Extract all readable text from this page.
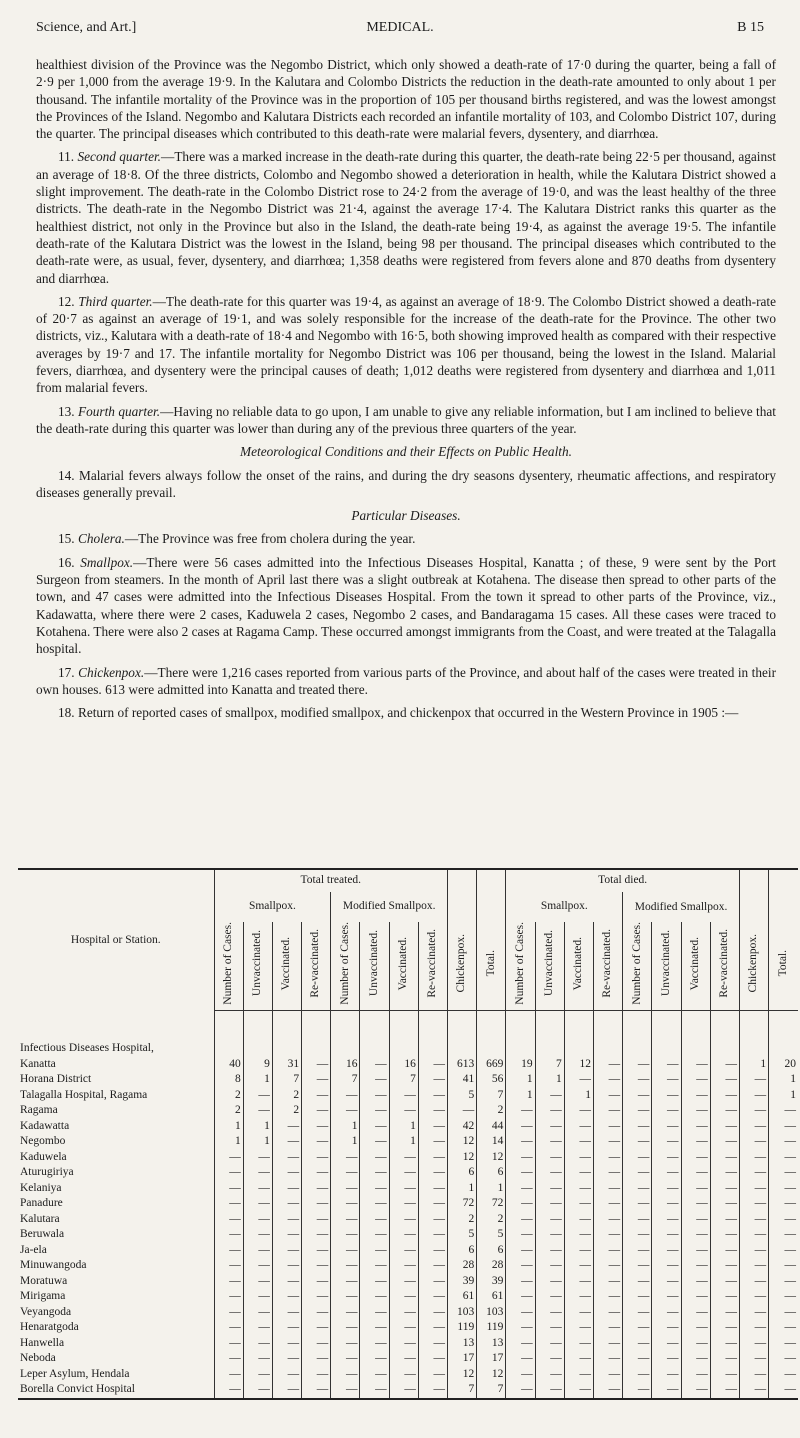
Science, and Art.]	MEDICAL.	B 15

healthiest division of the Province was the Negombo District, which only showed a death-rate of 17·0 during the quarter, being a fall of 2·9 per 1,000 from the average 19·9. In the Kalutara and Colombo Districts the reduction in the death-rate amounted to only about 1 per thousand. The infantile mortality of the Province was in the proportion of 105 per thousand births registered, and was the lowest amongst the Provinces of the Island. Negombo and Kalutara Districts each recorded an infantile mortality of 103, and Colombo District 107, during the quarter. The principal diseases which contributed to this death-rate were malarial fevers, dysentery, and diarrhœa.

11. Second quarter.—There was a marked increase in the death-rate during this quarter, the death-rate being 22·5 per thousand, against an average of 18·8. Of the three districts, Colombo and Negombo showed a deterioration in health, while the Kalutara District showed a slight improvement. The death-rate in the Colombo District rose to 24·2 from the average of 19·0, and was the least healthy of the three districts. The death-rate in the Negombo District was 21·4, against the average 17·4. The Kalutara District ranks this quarter as the healthiest district, not only in the Province but also in the Island, the death-rate being 19·4, as against the average 19·5. The infantile death-rate of the Kalutara District was the lowest in the Island, being 98 per thousand. The principal diseases which contributed to the death-rate were, as usual, fever, dysentery, and diarrhœa; 1,358 deaths were registered from fevers alone and 870 deaths from dysentery and diarrhœa.

12. Third quarter.—The death-rate for this quarter was 19·4, as against an average of 18·9. The Colombo District showed a death-rate of 20·7 as against an average of 19·1, and was solely responsible for the increase of the death-rate for the Province. The other two districts, viz., Kalutara with a death-rate of 18·4 and Negombo with 16·5, both showing improved health as compared with their respective averages by 19·7 and 17. The infantile mortality for Negombo District was 106 per thousand, being the lowest in the Island. Malarial fevers, diarrhœa, and dysentery were the principal causes of death; 1,012 deaths were registered from dysentery and diarrhœa and 1,011 from malarial fevers.

13. Fourth quarter.—Having no reliable data to go upon, I am unable to give any reliable information, but I am inclined to believe that the death-rate during this quarter was lower than during any of the previous three quarters of the year.

Meteorological Conditions and their Effects on Public Health.

14. Malarial fevers always follow the onset of the rains, and during the dry seasons dysentery, rheumatic affections, and respiratory diseases generally prevail.

Particular Diseases.

15. Cholera.—The Province was free from cholera during the year.

16. Smallpox.—There were 56 cases admitted into the Infectious Diseases Hospital, Kanatta ; of these, 9 were sent by the Port Surgeon from steamers. In the month of April last there was a slight outbreak at Kotahena. The disease then spread to other parts of the town, and 47 cases were admitted into the Infectious Diseases Hospital. From the town it spread to other parts of the Province, viz., Kadawatta, where there were 2 cases, Kaduwela 2 cases, Negombo 2 cases, and Bandaragama 15 cases. All these cases were traced to Kotahena. There were also 2 cases at Ragama Camp. These occurred amongst immigrants from the Coast, and were treated at the Talagalla hospital.

17. Chickenpox.—There were 1,216 cases reported from various parts of the Province, and about half of the cases were treated in their own houses. 613 were admitted into Kanatta and treated there.

18. Return of reported cases of smallpox, modified smallpox, and chickenpox that occurred in the Western Province in 1905 :—

Hospital or Station.	Total treated.										Total died.									
	Smallpox.				Modified Smallpox.						Smallpox.				Modified Smallpox.					
	Number of Cases.	Unvaccinated.	Vaccinated.	Re-vaccinated.	Number of Cases.	Unvaccinated.	Vaccinated.	Re-vaccinated.	Chickenpox.	Total.	Number of Cases.	Unvaccinated.	Vaccinated.	Re-vaccinated.	Number of Cases.	Unvaccinated.	Vaccinated.	Re-vaccinated.	Chickenpox.	Total.
Infectious Diseases Hospital,																				
Kanatta	40	9	31	—	16	—	16	—	613	669	19	7	12	—	—	—	—	—	1	20
Horana District	8	1	7	—	7	—	7	—	41	56	1	1	—	—	—	—	—	—	—	1
Talagalla Hospital, Ragama	2	—	2	—	—	—	—	—	5	7	1	—	1	—	—	—	—	—	—	1
Ragama	2	—	2	—	—	—	—	—	—	2	—	—	—	—	—	—	—	—	—	—
Kadawatta	1	1	—	—	1	—	1	—	42	44	—	—	—	—	—	—	—	—	—	—
Negombo	1	1	—	—	1	—	1	—	12	14	—	—	—	—	—	—	—	—	—	—
Kaduwela	—	—	—	—	—	—	—	—	12	12	—	—	—	—	—	—	—	—	—	—
Aturugiriya	—	—	—	—	—	—	—	—	6	6	—	—	—	—	—	—	—	—	—	—
Kelaniya	—	—	—	—	—	—	—	—	1	1	—	—	—	—	—	—	—	—	—	—
Panadure	—	—	—	—	—	—	—	—	72	72	—	—	—	—	—	—	—	—	—	—
Kalutara	—	—	—	—	—	—	—	—	2	2	—	—	—	—	—	—	—	—	—	—
Beruwala	—	—	—	—	—	—	—	—	5	5	—	—	—	—	—	—	—	—	—	—
Ja-ela	—	—	—	—	—	—	—	—	6	6	—	—	—	—	—	—	—	—	—	—
Minuwangoda	—	—	—	—	—	—	—	—	28	28	—	—	—	—	—	—	—	—	—	—
Moratuwa	—	—	—	—	—	—	—	—	39	39	—	—	—	—	—	—	—	—	—	—
Mirigama	—	—	—	—	—	—	—	—	61	61	—	—	—	—	—	—	—	—	—	—
Veyangoda	—	—	—	—	—	—	—	—	103	103	—	—	—	—	—	—	—	—	—	—
Henaratgoda	—	—	—	—	—	—	—	—	119	119	—	—	—	—	—	—	—	—	—	—
Hanwella	—	—	—	—	—	—	—	—	13	13	—	—	—	—	—	—	—	—	—	—
Neboda	—	—	—	—	—	—	—	—	17	17	—	—	—	—	—	—	—	—	—	—
Leper Asylum, Hendala	—	—	—	—	—	—	—	—	12	12	—	—	—	—	—	—	—	—	—	—
Borella Convict Hospital	—	—	—	—	—	—	—	—	7	7	—	—	—	—	—	—	—	—	—	—
